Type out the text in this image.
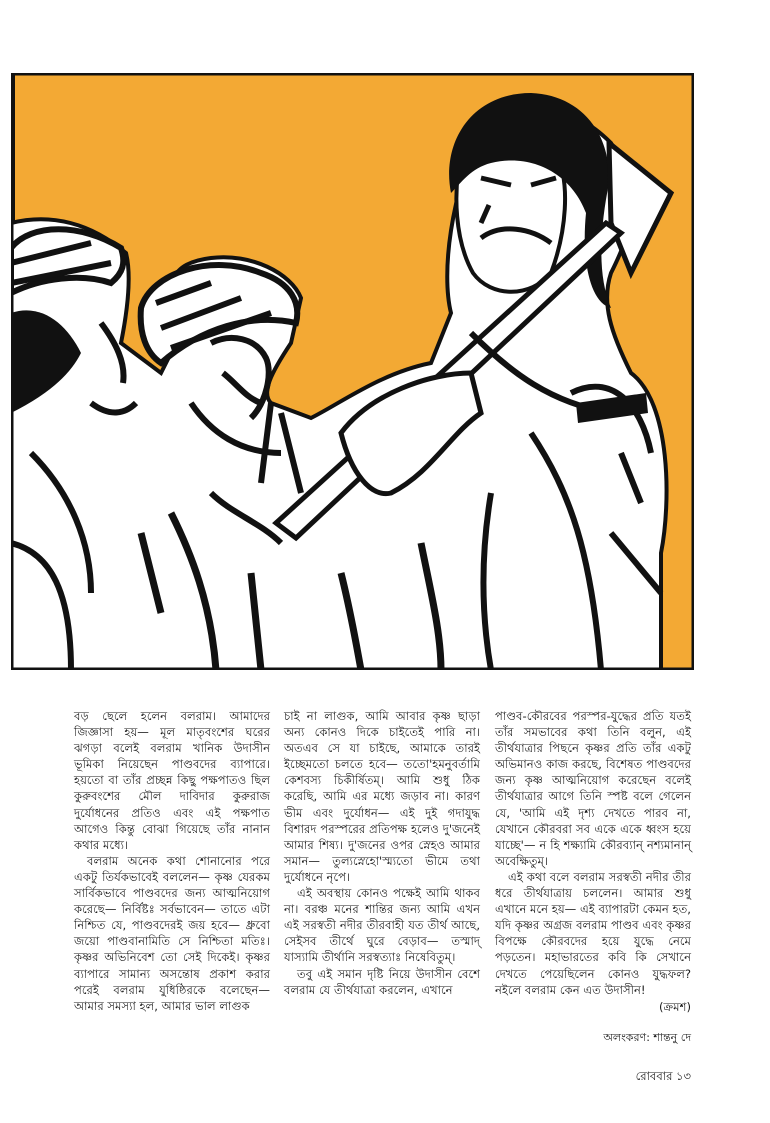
বড় ছেলে হলেন বলরাম। আমাদের জিজ্ঞাসা হয়— মূল মাতৃবংশের ঘরের ঝগড়া বলেই বলরাম খানিক উদাসীন ভূমিকা নিয়েছেন পাণ্ডবদের ব্যাপারে। হয়তো বা তাঁর প্রচ্ছন্ন কিছু পক্ষপাতও ছিল কুরুবংশের মৌল দাবিদার কুরুরাজ দুর্যোধনের প্রতিও এবং এই পক্ষপাত আগেও কিন্তু বোঝা গিয়েছে তাঁর নানান কথার মধ্যে।

বলরাম অনেক কথা শোনানোর পরে একটু তির্যকভাবেই বললেন— কৃষ্ণ যেরকম সার্বিকভাবে পাণ্ডবদের জন্য আত্মনিয়োগ করেছে— নির্বিষ্টঃ সর্বভাবেন— তাতে এটা নিশ্চিত যে, পাণ্ডবদেরই জয় হবে— ধ্রুবো জয়ো পাণ্ডবানামিতি সে নিশ্চিতা মতিঃ। কৃষ্ণর অভিনিবেশ তো সেই দিকেই। কৃষ্ণর ব্যাপারে সামান্য অসন্তোষ প্রকাশ করার পরেই বলরাম যুধিষ্ঠিরকে বলেছেন— আমার সমস্যা হল, আমার ভাল লাগুক

চাই না লাগুক, আমি আবার কৃষ্ণ ছাড়া অন্য কোনও দিকে চাইতেই পারি না। অতএব সে যা চাইছে, আমাকে তারই ইচ্ছেমতো চলতে হবে— ততো'হমনুবর্তামি কেশবস্য চিকীর্ষিতম্। আমি শুধু ঠিক করেছি, আমি এর মধ্যে জড়াব না। কারণ ভীম এবং দুর্যোধন— এই দুই গদাযুদ্ধ বিশারদ পরস্পরের প্রতিপক্ষ হলেও দু'জনেই আমার শিষ্য। দু'জনের ওপর স্নেহও আমার সমান— তুল্যস্নেহো'স্ম্যতো ভীমে তথা দুর্যোধনে নৃপে।

এই অবস্থায় কোনও পক্ষেই আমি থাকব না। বরঞ্চ মনের শান্তির জন্য আমি এখন এই সরস্বতী নদীর তীরবাহী যত তীর্থ আছে, সেইসব তীর্থে ঘুরে বেড়াব— তস্মাদ্ যাস্যামি তীর্থানি সরস্বত্যাঃ নিষেবিতুম্।

তবু এই সমান দৃষ্টি নিয়ে উদাসীন বেশে বলরাম যে তীর্থযাত্রা করলেন, এখানে

পাণ্ডব-কৌরবের পরস্পর-যুদ্ধের প্রতি যতই তাঁর সমভাবের কথা তিনি বলুন, এই তীর্থযাত্রার পিছনে কৃষ্ণর প্রতি তাঁর একটু অভিমানও কাজ করছে, বিশেষত পাণ্ডবদের জন্য কৃষ্ণ আত্মনিয়োগ করেছেন বলেই তীর্থযাত্রার আগে তিনি স্পষ্ট বলে গেলেন যে, 'আমি এই দৃশ্য দেখতে পারব না, যেখানে কৌরবরা সব একে একে ধ্বংস হয়ে যাচ্ছে'— ন হি শক্ষ্যামি কৌরব্যান্ নশ্যমানান্ অবেক্ষিতুম্।

এই কথা বলে বলরাম সরস্বতী নদীর তীর ধরে তীর্থযাত্রায় চললেন। আমার শুধু এখানে মনে হয়— এই ব্যাপারটা কেমন হত, যদি কৃষ্ণর অগ্রজ বলরাম পাণ্ডব এবং কৃষ্ণর বিপক্ষে কৌরবদের হয়ে যুদ্ধে নেমে পড়তেন। মহাভারতের কবি কি সেখানে দেখতে পেয়েছিলেন কোনও যুদ্ধফল? নইলে বলরাম কেন এত উদাসীন!

(ক্রমশ)

অলংকরণ: শান্তনু দে
রোববার ১৩
